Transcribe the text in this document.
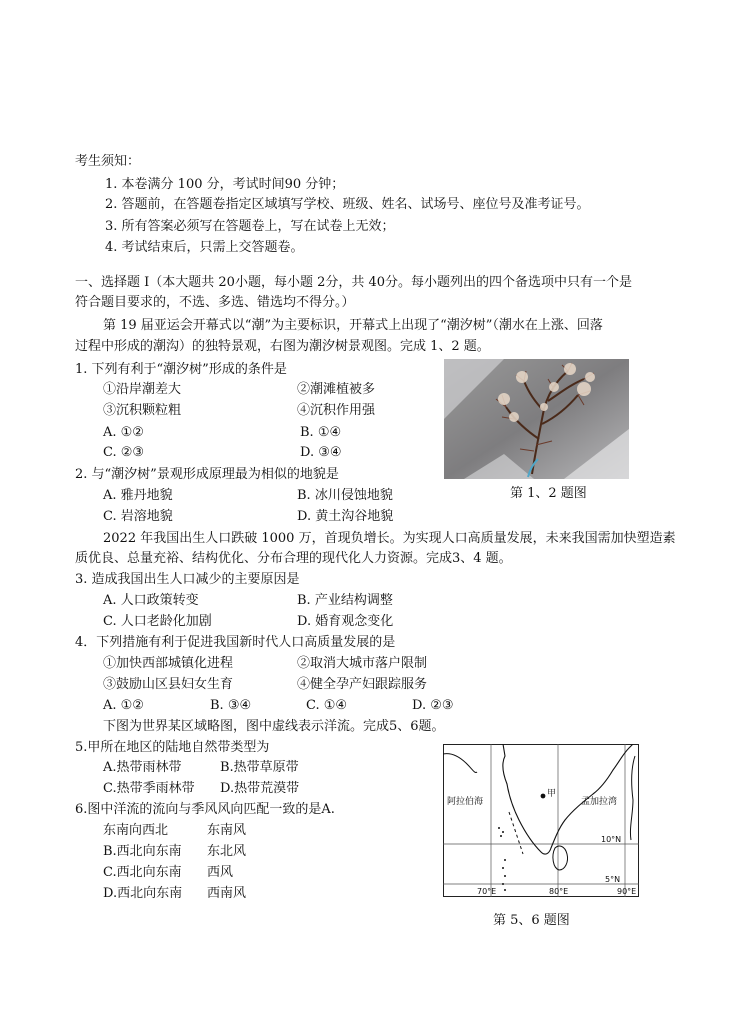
考生须知：
1. 本卷满分 100 分，考试时间90 分钟；
2. 答题前，在答题卷指定区域填写学校、班级、姓名、试场号、座位号及准考证号。
3. 所有答案必须写在答题卷上，写在试卷上无效；
4. 考试结束后，只需上交答题卷。
一、选择题 Ⅰ（本大题共 20小题，每小题 2分，共 40分。每小题列出的四个备选项中只有一个是
符合题目要求的，不选、多选、错选均不得分。）
第 19 届亚运会开幕式以“潮”为主要标识，开幕式上出现了“潮汐树”（潮水在上涨、回落
过程中形成的潮沟）的独特景观，右图为潮汐树景观图。完成 1、2 题。
1. 下列有利于“潮汐树”形成的条件是
①沿岸潮差大	②潮滩植被多
③沉积颗粒粗	④沉积作用强
A. ①②	B. ①④
C. ②③	D. ③④
2. 与“潮汐树”景观形成原理最为相似的地貌是
A. 雅丹地貌	B. 冰川侵蚀地貌
C. 岩溶地貌	D. 黄土沟谷地貌
第 1、2 题图
2022 年我国出生人口跌破 1000 万，首现负增长。为实现人口高质量发展，未来我国需加快塑造素
质优良、总量充裕、结构优化、分布合理的现代化人力资源。完成3、4 题。
3. 造成我国出生人口减少的主要原因是
A. 人口政策转变	B. 产业结构调整
C. 人口老龄化加剧	D. 婚育观念变化
4．下列措施有利于促进我国新时代人口高质量发展的是
①加快西部城镇化进程	②取消大城市落户限制
③鼓励山区县妇女生育	④健全孕产妇跟踪服务
A. ①②	B. ③④	C. ①④	D. ②③
下图为世界某区域略图，图中虚线表示洋流。完成5、6题。
5.甲所在地区的陆地自然带类型为
A.热带雨林带	B.热带草原带
C.热带季雨林带 D.热带荒漠带
6.图中洋流的流向与季风风向匹配一致的是A.
东南向西北	东南风
B.西北向东南 东北风
C.西北向东南 西风
D.西北向东南 西南风
阿拉伯海	孟加拉湾
甲
10°N
5°N
70°E	80°E	90°E
第 5、6 题图
